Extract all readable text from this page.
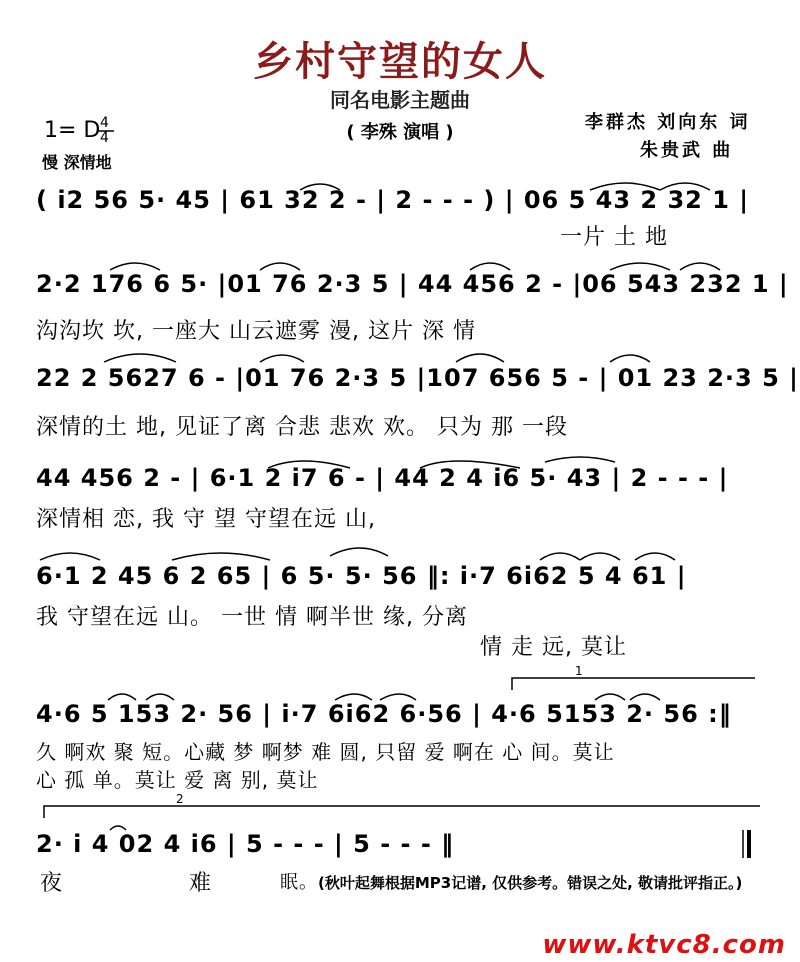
乡村守望的女人
同名电影主题曲
( 李殊 演唱 )	李群杰 刘向东 词
朱贵武 曲
1= D 4
4
慢 深情地
( i2 56 5· 45 | 61 32 2 - | 2 - - - ) | 06 5 43 2 32 1 |
一片 土 地
2·2 176 6 5· |01 76 2·3 5 | 44 456 2 - |06 543 232 1 |
沟沟坎 坎, 一座大 山云遮雾 漫, 这片 深 情
22 2 5627 6 - |01 76 2·3 5 |107 656 5 - | 01 23 2·3 5 |
深情的土 地, 见证了离 合悲 悲欢 欢。 只为 那 一段
44 456 2 - | 6·1 2 i7 6 - | 44 2 4 i6 5· 43 | 2 - - - |
深情相 恋, 我 守 望 守望在远 山,
6·1 2 45 6 2 65 | 6 5· 5· 56 ‖: i·7 6i62 5 4 61 |
我 守望在远 山。 一世 情 啊半世 缘, 分离
情 走 远, 莫让
1
4·6 5 153 2· 56 | i·7 6i62 6·56 | 4·6 5153 2· 56 :‖
久 啊欢 聚 短。心藏 梦 啊梦 难 圆, 只留 爱 啊在 心 间。莫让
心 孤 单。莫让 爱 离 别, 莫让
2
2· i 4 02 4 i6 | 5 - - - | 5 - - - ‖
夜 难 眠。 (秋叶起舞根据MP3记谱, 仅供参考。错误之处, 敬请批评指正。)
www.ktvc8.com
